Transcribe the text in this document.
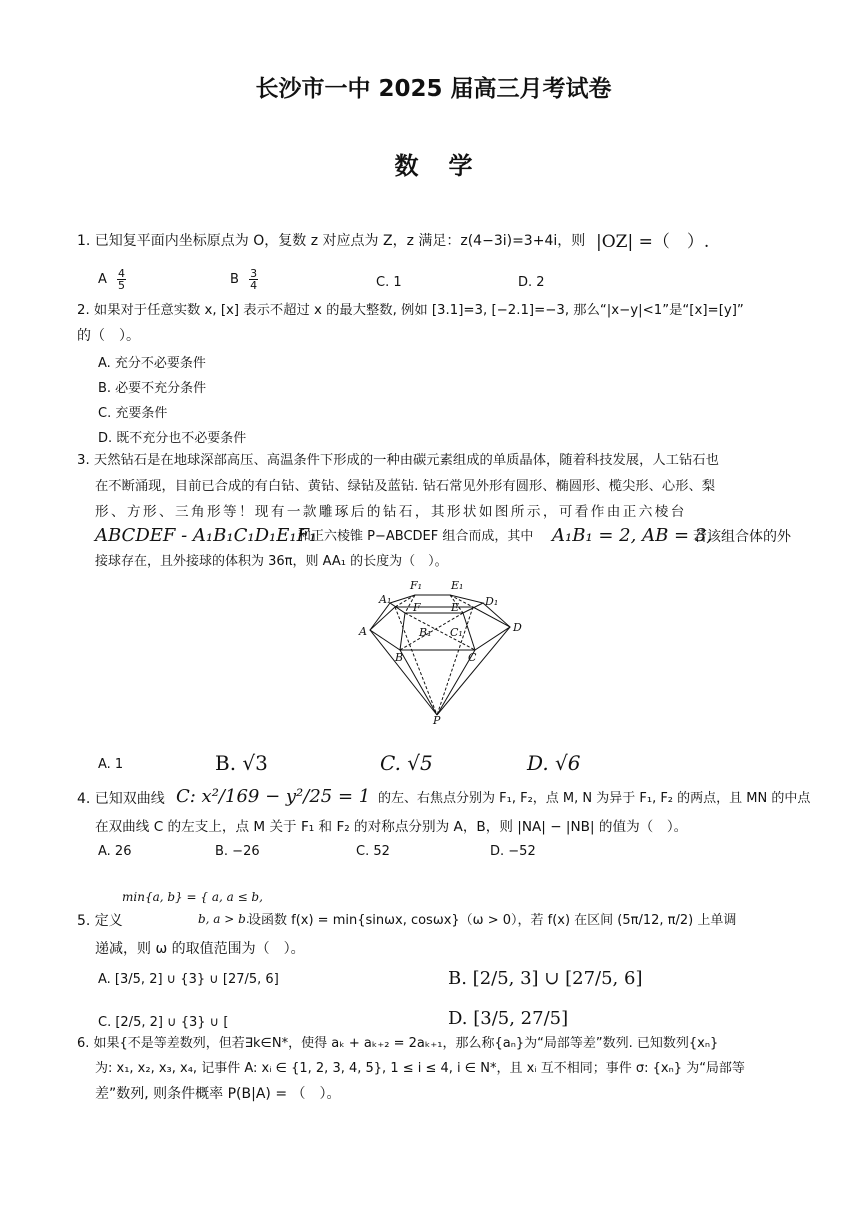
长沙市一中 2025 届高三月考试卷
数学
1. 已知复平面内坐标原点为 O，复数 z 对应点为 Z，z 满足：z(4−3i)=3+4i，则 |OZ| =（　）.
A $\frac{4}{5}$	B $\frac{3}{4}$	C. 1	D. 2
2. 如果对于任意实数 x, [x] 表示不超过 x 的最大整数, 例如 [3.1]=3, [−2.1]=−3, 那么“|x−y|<1”是“[x]=[y]”
的（　）。
A. 充分不必要条件
B. 必要不充分条件
C. 充要条件
D. 既不充分也不必要条件
3. 天然钻石是在地球深部高压、高温条件下形成的一种由碳元素组成的单质晶体，随着科技发展，人工钻石也
在不断涌现，目前已合成的有白钻、黄钻、绿钻及蓝钻. 钻石常见外形有圆形、椭圆形、榄尖形、心形、梨
形、方形、三角形等！现有一款雕琢后的钻石，其形状如图所示，可看作由正六棱台
ABCDEF - A₁B₁C₁D₁E₁F₁
和正六棱锥 P−ABCDEF 组合而成，其中 A₁B₁ = 2, AB = 3,
若该组合体的外
接球存在，且外接球的体积为 36π，则 AA₁ 的长度为（　）。
F₁	E₁
A₁
F	E D₁
A	B₁ C₁	D
B	C
P
A. 1	B. √3	C. √5	D. √6
4. 已知双曲线 C: x²/169 − y²/25 = 1 的左、右焦点分别为 F₁, F₂，点 M, N 为异于 F₁, F₂ 的两点，且 MN 的中点
在双曲线 C 的左支上，点 M 关于 F₁ 和 F₂ 的对称点分别为 A，B，则 |NA| − |NB| 的值为（　）。
A. 26	B. −26	C. 52	D. −52
min{a, b} = { a, a ≤ b,
b, a > b.
5. 定义	设函数 f(x) = min{sinωx, cosωx}（ω > 0），若 f(x) 在区间 (5π/12, π/2) 上单调
递减，则 ω 的取值范围为（　）。
A. [3/5, 2] ∪ {3} ∪ [27/5, 6]	B. [2/5, 3] ∪ [27/5, 6]
C. [2/5, 2] ∪ {3} ∪ [	D. [3/5, 27/5]
6. 如果{不是等差数列，但若∃k∈N*，使得 aₖ + aₖ₊₂ = 2aₖ₊₁，那么称{aₙ}为“局部等差”数列. 已知数列{xₙ}
为: x₁, x₂, x₃, x₄, 记事件 A: xᵢ ∈ {1, 2, 3, 4, 5}, 1 ≤ i ≤ 4, i ∈ N*，且 xᵢ 互不相同；事件 σ: {xₙ} 为“局部等
差”数列, 则条件概率 P(B|A) = （　）。
